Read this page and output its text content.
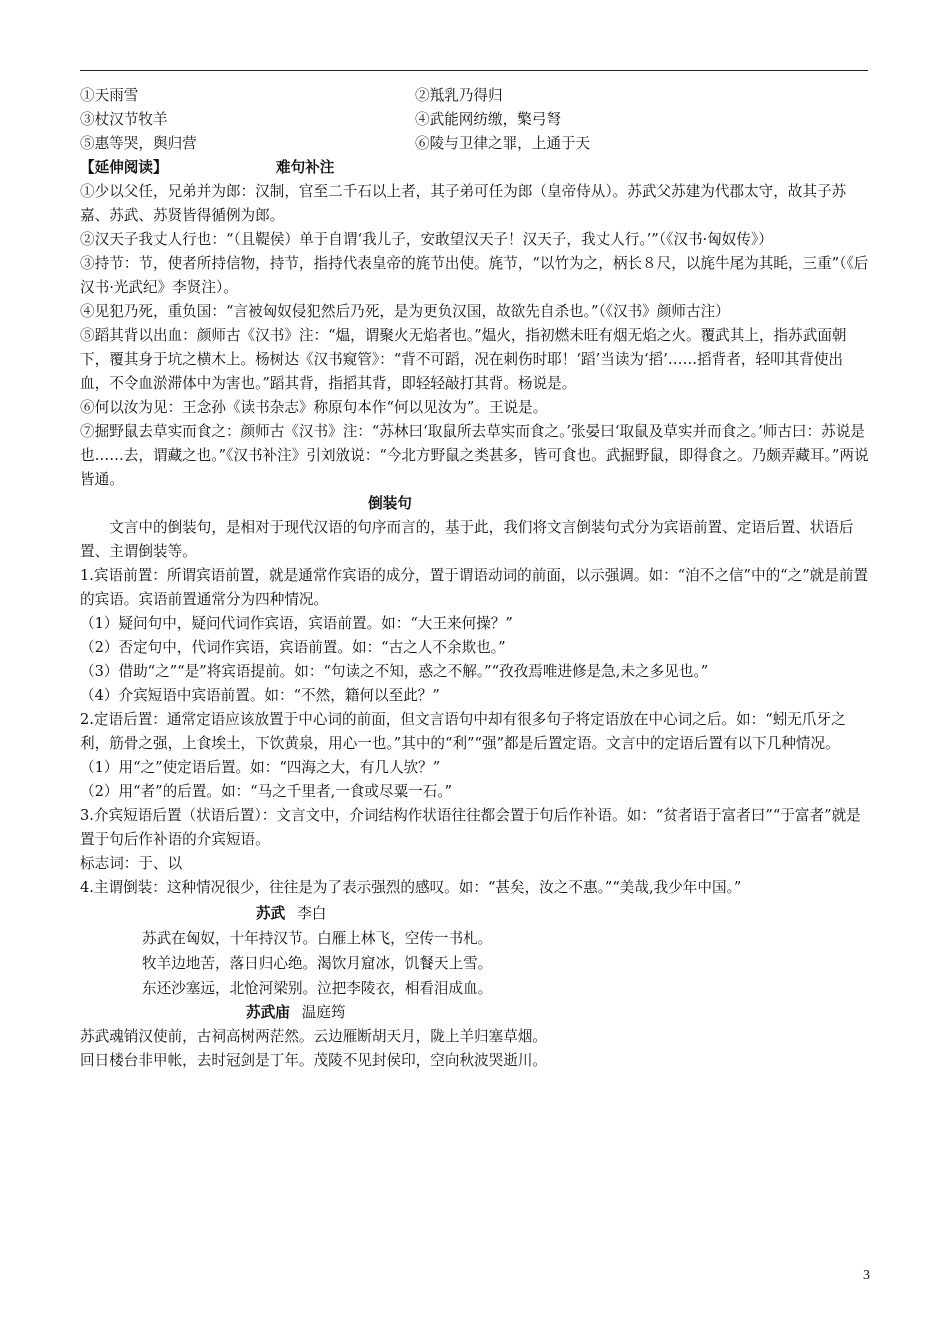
①天雨雪	②羝乳乃得归
③杖汉节牧羊	④武能网纺缴，檠弓弩
⑤惠等哭，舆归营	⑥陵与卫律之罪，上通于天
【延伸阅读】	难句补注

①少以父任，兄弟并为郎：汉制，官至二千石以上者，其子弟可任为郎（皇帝侍从）。苏武父苏建为代郡太守，故其子苏嘉、苏武、苏贤皆得循例为郎。

②汉天子我丈人行也：“（且鞮侯）单于自谓‘我儿子，安敢望汉天子！汉天子，我丈人行。’”（《汉书·匈奴传》）

③持节：节，使者所持信物，持节，指持代表皇帝的旄节出使。旄节，“以竹为之，柄长８尺，以旄牛尾为其眊，三重”（《后汉书·光武纪》李贤注）。

④见犯乃死，重负国：“言被匈奴侵犯然后乃死，是为更负汉国，故欲先自杀也。”（《汉书》颜师古注）

⑤蹈其背以出血：颜师古《汉书》注：“煴，谓聚火无焰者也。”煴火，指初燃未旺有烟无焰之火。覆武其上，指苏武面朝下，覆其身于坑之横木上。杨树达《汉书窥管》：“背不可蹈，况在刺伤时耶！‘蹈’当读为‘搯’……搯背者，轻叩其背使出血，不令血淤滞体中为害也。”蹈其背，指搯其背，即轻轻敲打其背。杨说是。

⑥何以汝为见：王念孙《读书杂志》称原句本作“何以见汝为”。王说是。

⑦掘野鼠去草实而食之：颜师古《汉书》注：“苏林曰‘取鼠所去草实而食之。’张晏曰‘取鼠及草实并而食之。’师古曰：苏说是也……去，谓藏之也。”《汉书补注》引刘攽说：“今北方野鼠之类甚多，皆可食也。武掘野鼠，即得食之。乃颇弄藏耳。”两说皆通。

倒装句

文言中的倒装句，是相对于现代汉语的句序而言的，基于此，我们将文言倒装句式分为宾语前置、定语后置、状语后置、主谓倒装等。

1.宾语前置：所谓宾语前置，就是通常作宾语的成分，置于谓语动词的前面，以示强调。如：“洎不之信”中的“之”就是前置的宾语。宾语前置通常分为四种情况。

（1）疑问句中，疑问代词作宾语，宾语前置。如：“大王来何操？”

（2）否定句中，代词作宾语，宾语前置。如：“古之人不余欺也。”

（3）借助“之”“是”将宾语提前。如：“句读之不知，惑之不解。”“孜孜焉唯进修是急,未之多见也。”

（4）介宾短语中宾语前置。如：“不然，籍何以至此？”

2.定语后置：通常定语应该放置于中心词的前面，但文言语句中却有很多句子将定语放在中心词之后。如：“蚓无爪牙之利，筋骨之强，上食埃土，下饮黄泉，用心一也。”其中的“利”“强”都是后置定语。文言中的定语后置有以下几种情况。

（1）用“之”使定语后置。如：“四海之大，有几人欤？”

（2）用“者”的后置。如：“马之千里者,一食或尽粟一石。”

3.介宾短语后置（状语后置）：文言文中，介词结构作状语往往都会置于句后作补语。如：“贫者语于富者曰”“于富者”就是置于句后作补语的介宾短语。

标志词：于、以

4.主谓倒装：这种情况很少，往往是为了表示强烈的感叹。如：“甚矣，汝之不惠。”“美哉,我少年中国。”

苏武 李白

苏武在匈奴，十年持汉节。白雁上林飞，空传一书札。

牧羊边地苦，落日归心绝。渴饮月窟冰，饥餐天上雪。

东还沙塞远，北怆河梁别。泣把李陵衣，相看泪成血。

苏武庙 温庭筠

苏武魂销汉使前，古祠高树两茫然。云边雁断胡天月，陇上羊归塞草烟。

回日楼台非甲帐，去时冠剑是丁年。茂陵不见封侯印，空向秋波哭逝川。

3
